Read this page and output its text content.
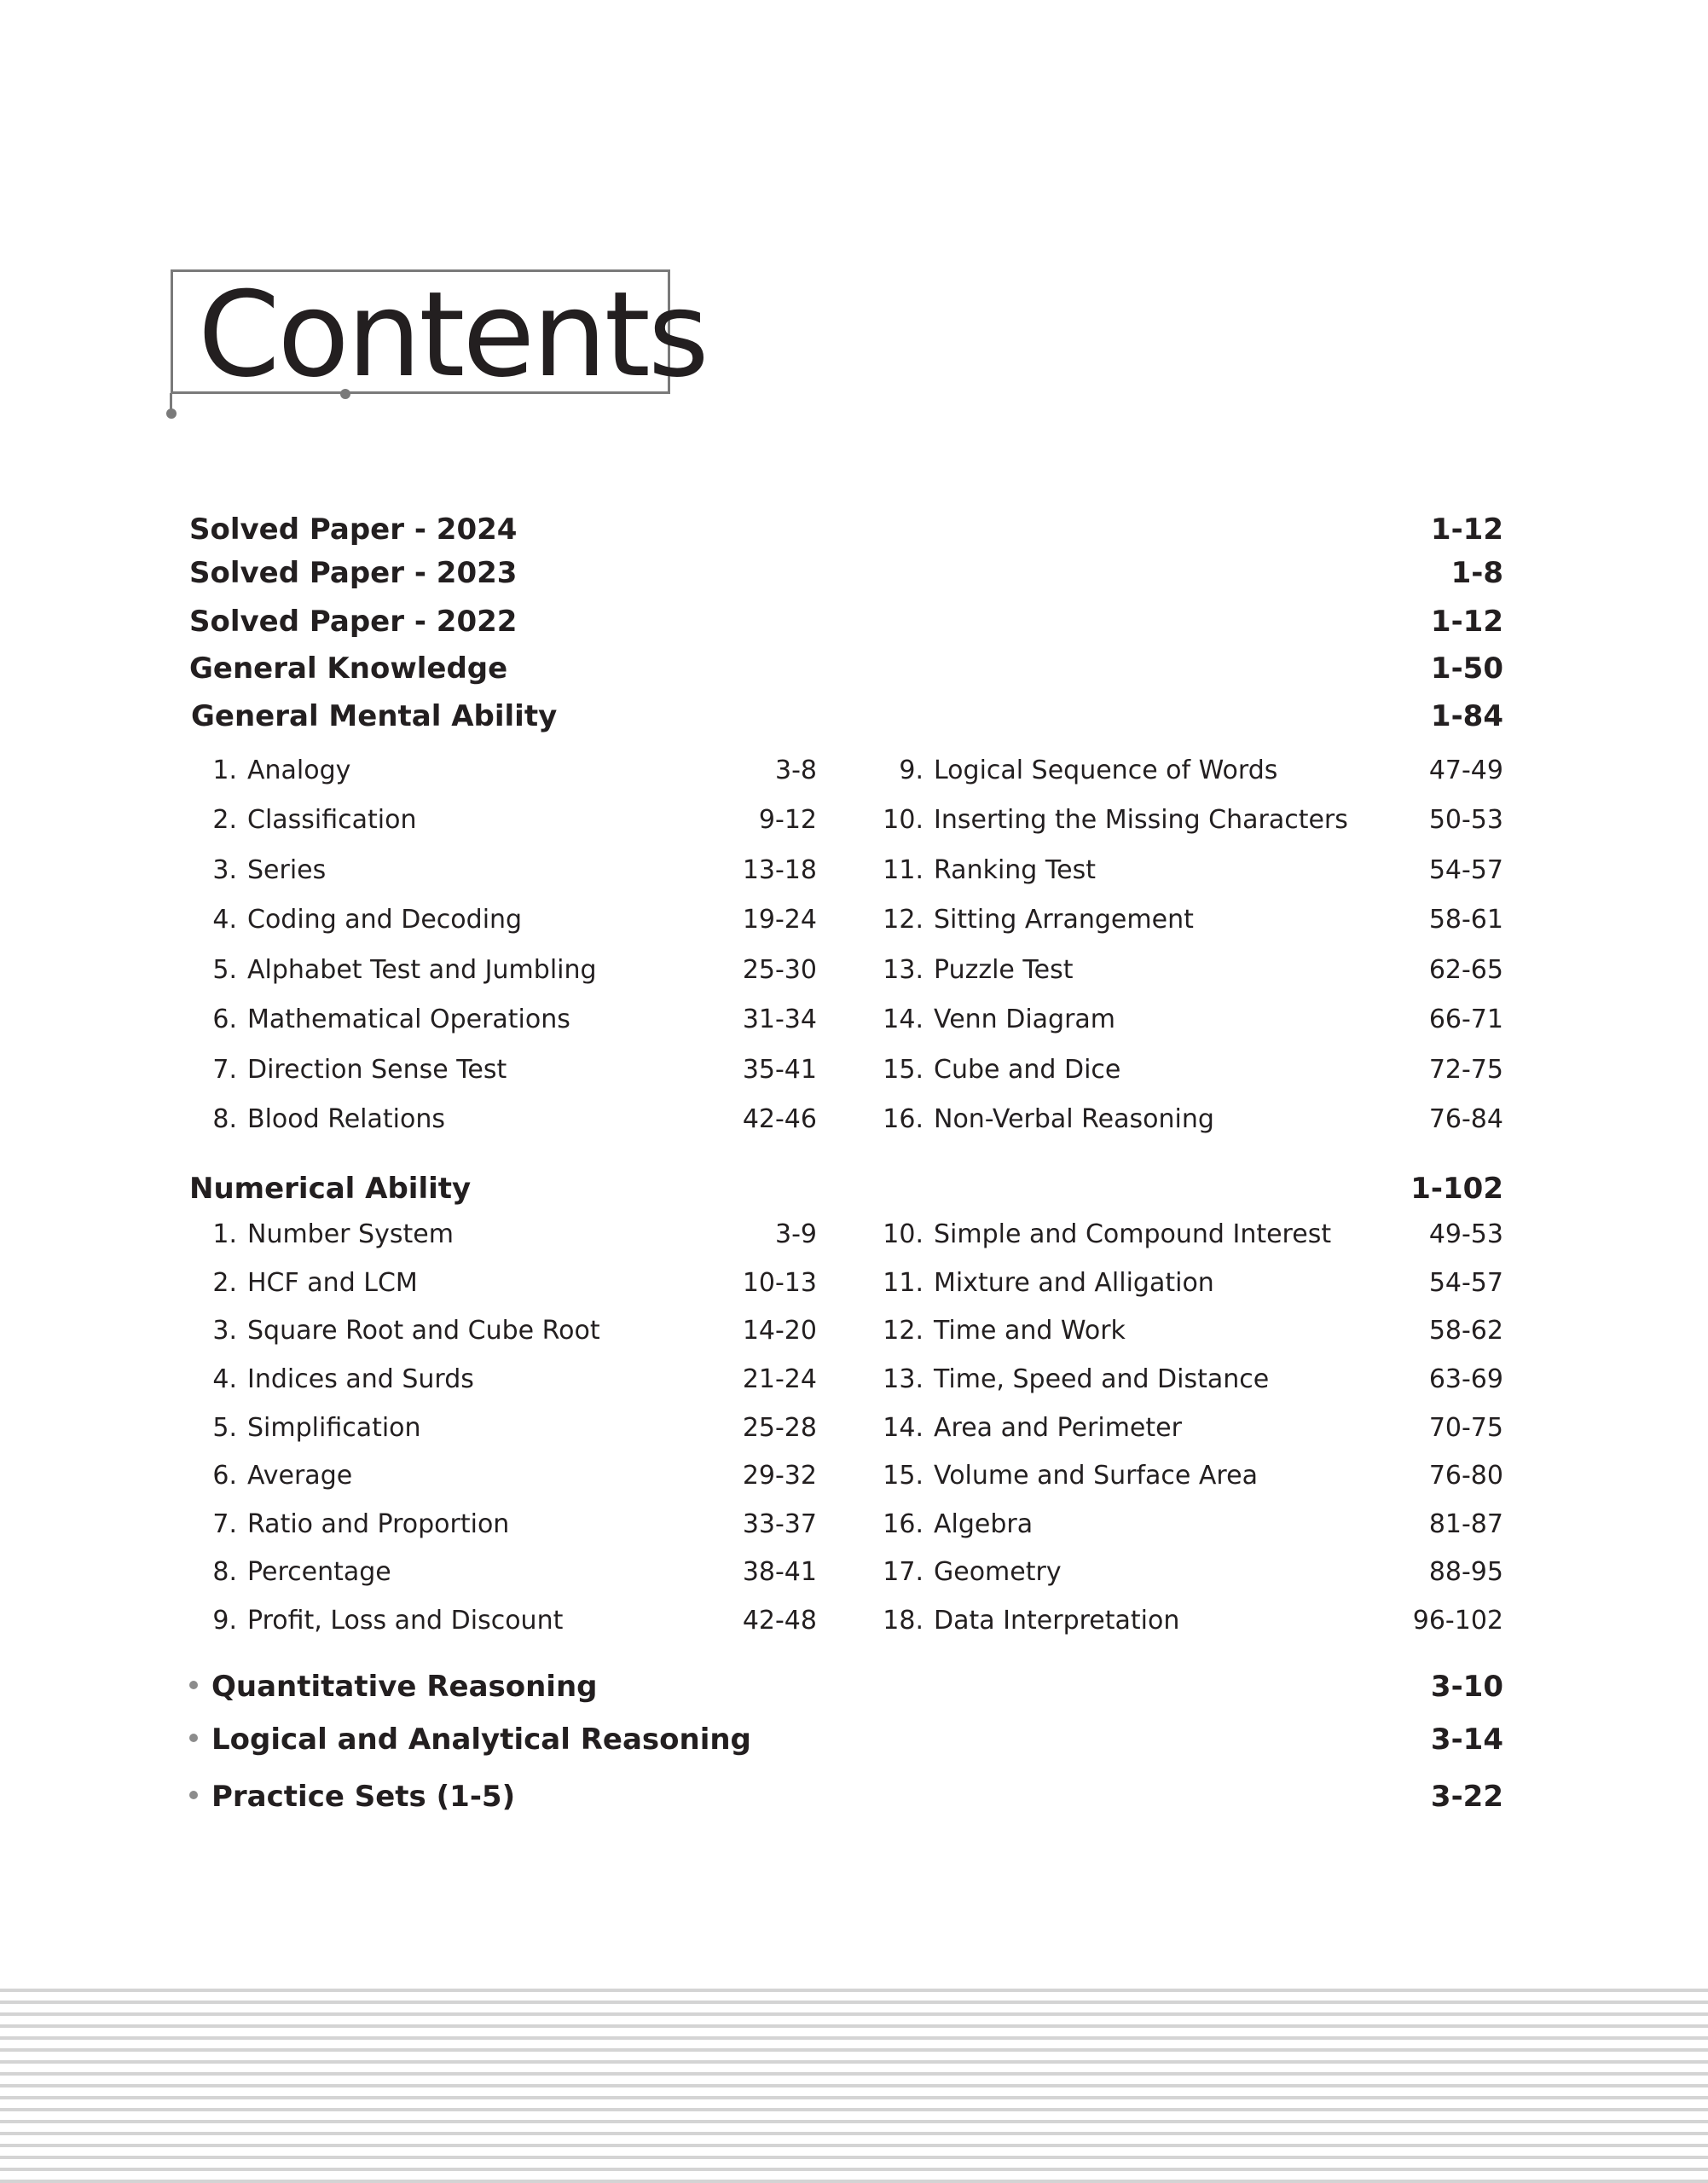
Contents
Solved Paper - 2024	1-12
Solved Paper - 2023	1-8
Solved Paper - 2022	1-12
General Knowledge	1-50
General Mental Ability	1-84
1. Analogy	3-8
2. Classification	9-12
3. Series	13-18
4. Coding and Decoding	19-24
5. Alphabet Test and Jumbling	25-30
6. Mathematical Operations	31-34
7. Direction Sense Test	35-41
8. Blood Relations	42-46
9. Logical Sequence of Words	47-49
10. Inserting the Missing Characters	50-53
11. Ranking Test	54-57
12. Sitting Arrangement	58-61
13. Puzzle Test	62-65
14. Venn Diagram	66-71
15. Cube and Dice	72-75
16. Non-Verbal Reasoning	76-84
Numerical Ability	1-102
1. Number System	3-9
2. HCF and LCM	10-13
3. Square Root and Cube Root	14-20
4. Indices and Surds	21-24
5. Simplification	25-28
6. Average	29-32
7. Ratio and Proportion	33-37
8. Percentage	38-41
9. Profit, Loss and Discount	42-48
10. Simple and Compound Interest	49-53
11. Mixture and Alligation	54-57
12. Time and Work	58-62
13. Time, Speed and Distance	63-69
14. Area and Perimeter	70-75
15. Volume and Surface Area	76-80
16. Algebra	81-87
17. Geometry	88-95
18. Data Interpretation	96-102
Quantitative Reasoning	3-10
Logical and Analytical Reasoning	3-14
Practice Sets (1-5)	3-22
